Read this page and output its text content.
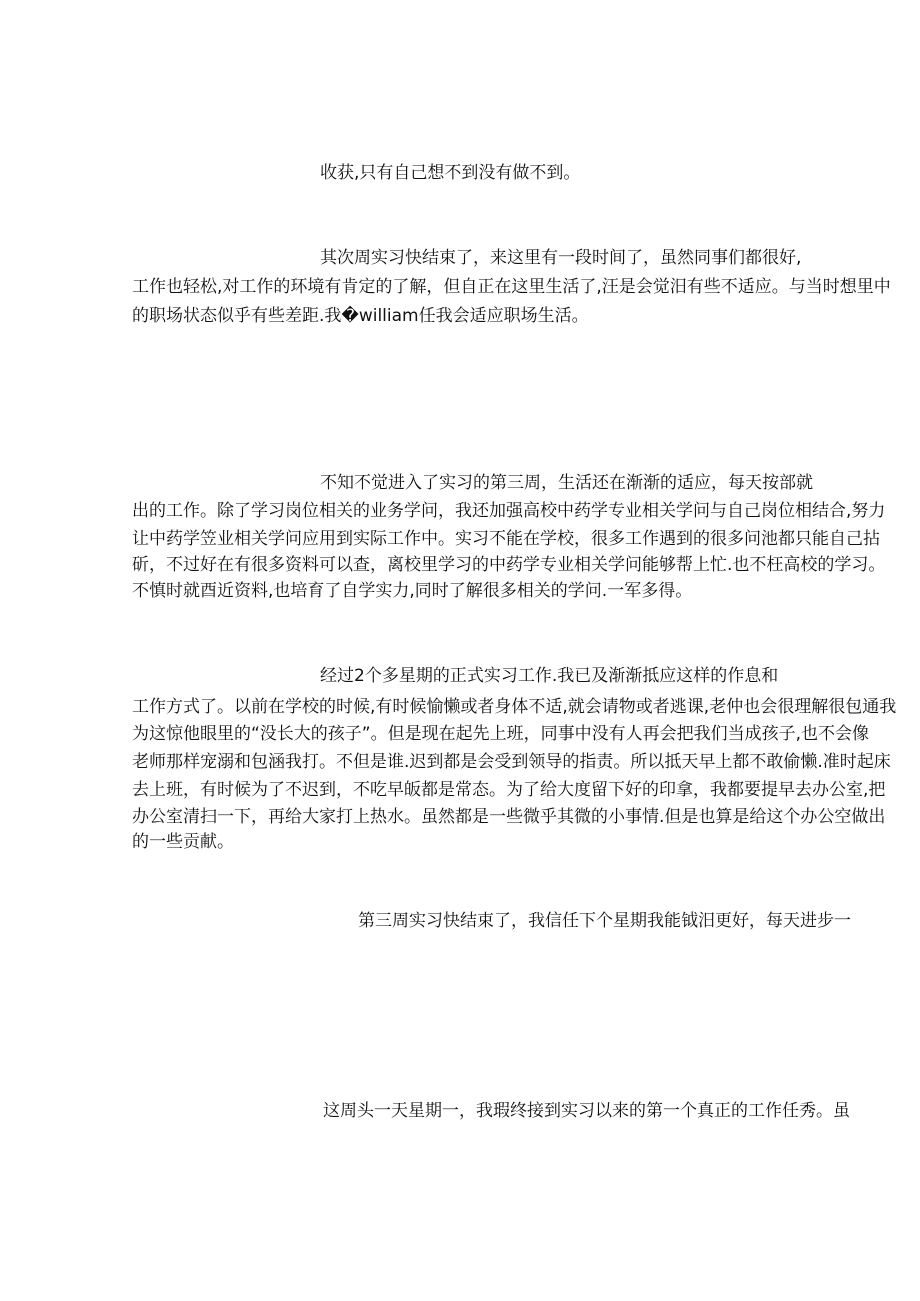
收获,只有自己想不到没有做不到。
其次周实习快结束了，来这里有一段时间了，虽然同事们都很好,
工作也轻松,对工作的环境有肯定的了解，但自正在这里生活了,汪是会觉汨有些不适应。与当时想里中
的职场状态似乎有些差距.我�william任我会适应职场生活。
不知不觉进入了实习的第三周，生活还在渐渐的适应，每天按部就
出的工作。除了学习岗位相关的业务学问，我还加强高校中药学专业相关学问与自己岗位相结合,努力
让中药学笠业相关学问应用到实际工作中。实习不能在学校，很多工作遇到的很多问池都只能自己拈
斫，不过好在有很多资料可以查，离校里学习的中药学专业相关学问能够帮上忙.也不枉高校的学习。
不慎时就酉近资料,也培育了自学实力,同时了解很多相关的学问.一军多得。
经过2个多星期的正式实习工作.我已及渐渐抵应这样的作息和
工作方式了。以前在学校的时候,有时候愉懒或者身体不适,就会请物或者逃课,老仲也会很理解很包通我
为这惊他眼里的“没长大的孩子”。但是现在起先上班，同事中没有人再会把我们当成孩子,也不会像
老师那样宠溺和包涵我打。不但是谁.迟到都是会受到领导的指责。所以抵天早上都不敢偷懒.准时起床
去上班，有时候为了不迟到，不吃早皈都是常态。为了给大度留下好的印拿，我都要提早去办公室,把
办公室清扫一下，再给大家打上热水。虽然都是一些微乎其微的小事情.但是也算是给这个办公空做出
的一些贡献。
第三周实习快结束了，我信任下个星期我能钺汨更好，每天进步一
这周头一天星期一，我瑕终接到实习以来的第一个真正的工作任秀。虽
